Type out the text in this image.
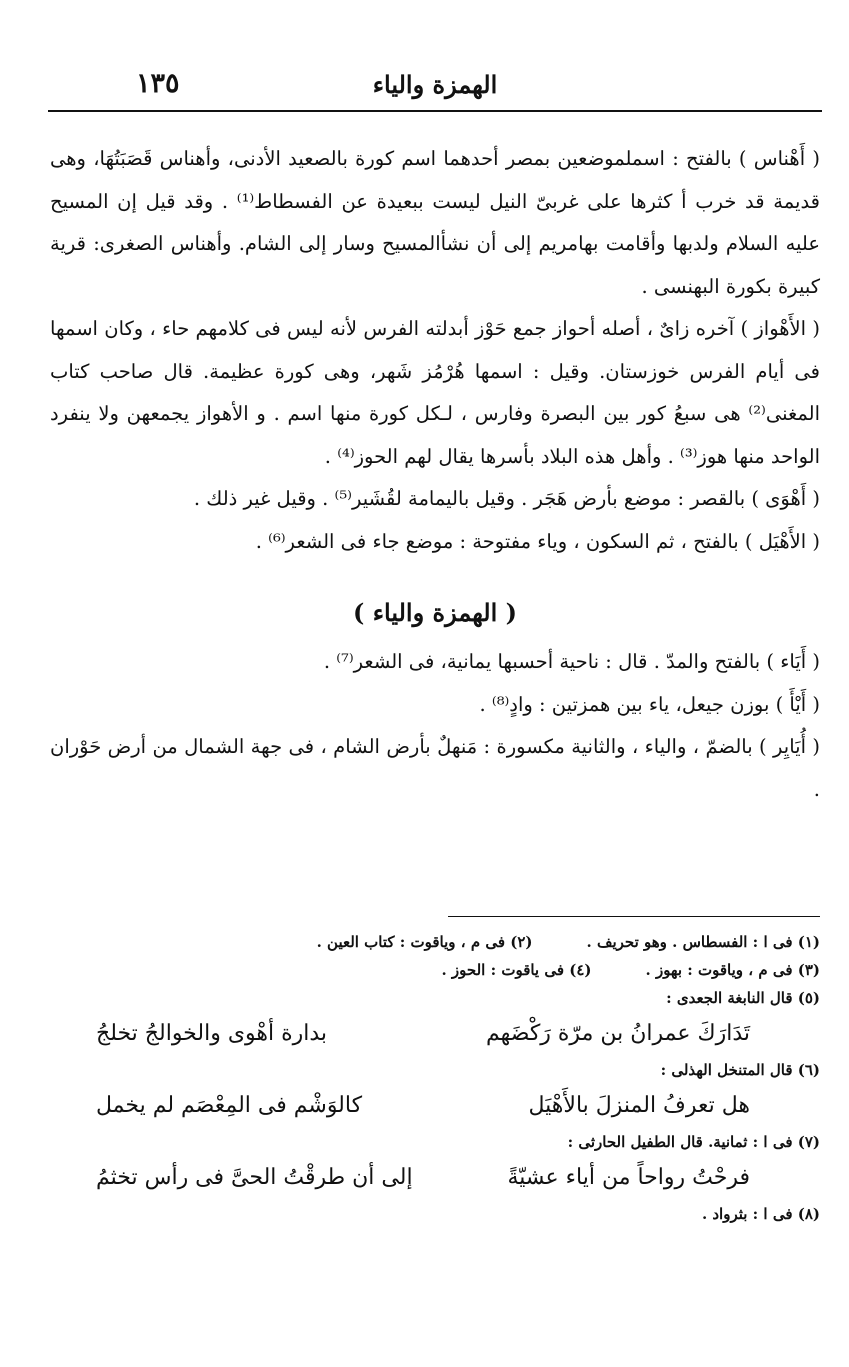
الهمزة والياء
١٣٥

( أَهْناس ) بالفتح : اسملموضعين بمصر أحدهما اسم كورة بالصعيد الأدنى، وأهناس قَصَبَتُهَا، وهى قديمة قد خرب أ كثرها على غربىّ النيل ليست ببعيدة عن الفسطاط⁽¹⁾ . وقد قيل إن المسيح عليه السلام ولدبها وأقامت بهامريم إلى أن نشأالمسيح وسار إلى الشام. وأهناس الصغرى: قرية كبيرة بكورة البهنسى .

( الأَهْواز ) آخره زاىٌ ، أصله أحواز جمع حَوْز أبدلته الفرس لأنه ليس فى كلامهم حاء ، وكان اسمها فى أيام الفرس خوزستان. وقيل : اسمها هُرْمُز شَهر، وهى كورة عظيمة. قال صاحب كتاب المغنى⁽²⁾ هى سبعُ كور بين البصرة وفارس ، لـكل كورة منها اسم . و الأهواز يجمعهن ولا ينفرد الواحد منها هوز⁽³⁾ . وأهل هذه البلاد بأسرها يقال لهم الحوز⁽⁴⁾ .

( أَهْوَى ) بالقصر : موضع بأرض هَجَر . وقيل باليمامة لقُشَير⁽⁵⁾ . وقيل غير ذلك .

( الأَهْيَل ) بالفتح ، ثم السكون ، وياء مفتوحة : موضع جاء فى الشعر⁽⁶⁾ .

( الهمزة والياء )

( أَيَاء ) بالفتح والمدّ . قال : ناحية أحسبها يمانية، فى الشعر⁽⁷⁾ .

( أَيْأَ ) بوزن جيعل، ياء بين همزتين : وادٍ⁽⁸⁾ .

( أُيَايِر ) بالضمّ ، والياء ، والثانية مكسورة : مَنهلٌ بأرض الشام ، فى جهة الشمال من أرض حَوْران .

(١) فى ا : الفسطاس . وهو تحريف .
(٢) فى م ، وياقوت : كتاب العين .
(٣) فى م ، وياقوت : بهوز .
(٤) فى ياقوت : الحوز .
(٥) قال النابغة الجعدى :
تَدَارَكَ عمرانُ بن مرّة رَكْضَهم
بدارة أهْوى والخوالجُ تخلجُ
(٦) قال المتنخل الهذلى :
هل تعرفُ المنزلَ بالأَهْيَل
كالوَشْم فى المِعْصَم لم يخمل
(٧) فى ا : ثمانية. قال الطفيل الحارثى :
فرحْتُ رواحاً من أياء عشيّةً
إلى أن طرقْتُ الحىَّ فى رأس تخثمُ
(٨) فى ا : بثرواد .
